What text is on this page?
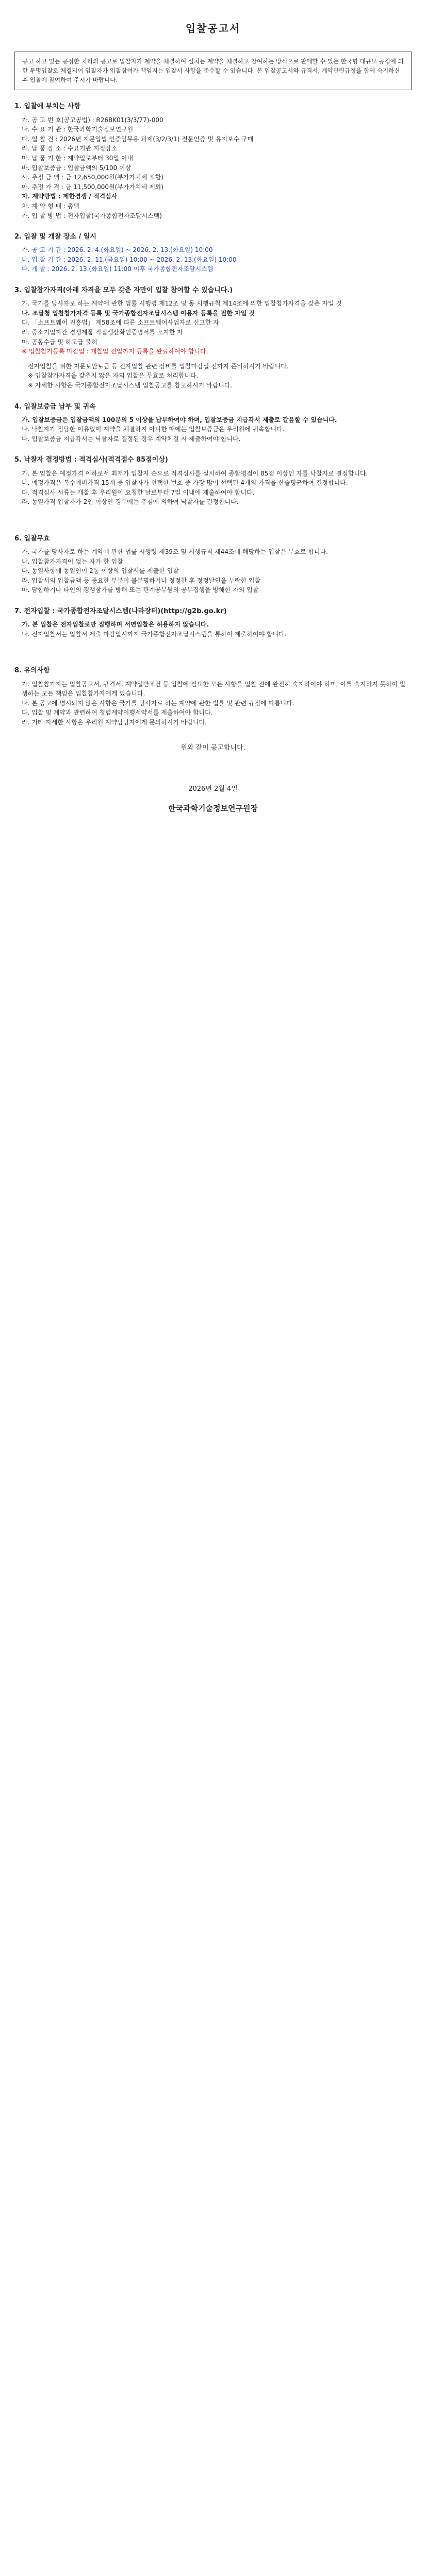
입찰공고서
공고 하고 있는 공정한 처리의 공고로 입찰자가 계약을 체결하여 설치는 계약을 체결하고 참여하는 방식으로 판매할 수 있는 한국형 대규모 공정에 의한 투명입찰로 체결되어 입찰자가 입찰참여가 책임지는 입찰서 사항을 준수할 수 있습니다. 본 입찰공고서와 규격서, 계약관련규정을 함께 숙지하신 후 입찰에 참여하여 주시기 바랍니다.
1. 입찰에 부치는 사항
가. 공 고 번 호(공고공법) : R26BK01(3/3/77)-000
나. 수 요 기 관 : 한국과학기술정보연구원
다. 입 찰 건 : 2026년 지문입법 인증임무용 과제(3/2/3/1) 전문인증 및 유지보수 구매
라. 납 품 장 소 : 수요기관 지정장소
마. 납 품 기 한 : 계약일로부터 30일 이내
바. 입찰보증금 : 입찰금액의 5/100 이상
사. 추정 금 액 : 금 12,650,000원(부가가치세 포함)
아. 추정 가 격 : 금 11,500,000원(부가가치세 제외)
자. 계약방법 : 제한경쟁 / 적격심사
차. 계 약 형 태 : 총액
카. 입 찰 방 법 : 전자입찰(국가종합전자조달시스템)
2. 입찰 및 개찰 장소 / 일시
가. 공 고 기 간 : 2026. 2. 4.(화요일) ~ 2026. 2. 13.(화요일) 10:00
나. 입 찰 기 간 : 2026. 2. 11.(금요일) 10:00 ~ 2026. 2. 13.(화요일) 10:00
다. 개 찰 : 2026. 2. 13.(화요일) 11:00 이후 국가종합전자조달시스템
3. 입찰참가자격(아래 자격을 모두 갖춘 자만이 입찰 참여할 수 있습니다.)
가. 국가를 당사자로 하는 계약에 관한 법률 시행령 제12조 및 동 시행규칙 제14조에 의한 입찰참가자격을 갖춘 자일 것
나. 조달청 입찰참가자격 등록 및 국가종합전자조달시스템 이용자 등록을 필한 자일 것
다. 「소프트웨어 진흥법」 제58조에 따른 소프트웨어사업자로 신고한 자
라. 중소기업자간 경쟁제품 직접생산확인증명서를 소지한 자
마. 공동수급 및 하도급 불허
※ 입찰참가등록 마감일 : 개찰일 전일까지 등록을 완료하여야 합니다.
전자입찰을 위한 지문보안토큰 등 전자입찰 관련 장비를 입찰마감일 전까지 준비하시기 바랍니다.
※ 입찰참가자격을 갖추지 않은 자의 입찰은 무효로 처리합니다.
※ 자세한 사항은 국가종합전자조달시스템 입찰공고를 참고하시기 바랍니다.
4. 입찰보증금 납부 및 귀속
가. 입찰보증금은 입찰금액의 100분의 5 이상을 납부하여야 하며, 입찰보증금 지급각서 제출로 갈음할 수 있습니다.
나. 낙찰자가 정당한 이유없이 계약을 체결하지 아니한 때에는 입찰보증금은 우리원에 귀속합니다.
다. 입찰보증금 지급각서는 낙찰자로 결정된 경우 계약체결 시 제출하여야 합니다.
5. 낙찰자 결정방법 : 적격심사(적격점수 85점이상)
가. 본 입찰은 예정가격 이하로서 최저가 입찰자 순으로 적격심사를 실시하여 종합평점이 85점 이상인 자를 낙찰자로 결정합니다.
나. 예정가격은 복수예비가격 15개 중 입찰자가 선택한 번호 중 가장 많이 선택된 4개의 가격을 산술평균하여 결정합니다.
다. 적격심사 서류는 개찰 후 우리원이 요청한 날로부터 7일 이내에 제출하여야 합니다.
라. 동일가격 입찰자가 2인 이상인 경우에는 추첨에 의하여 낙찰자를 결정합니다.
6. 입찰무효
가. 국가를 당사자로 하는 계약에 관한 법률 시행령 제39조 및 시행규칙 제44조에 해당하는 입찰은 무효로 합니다.
나. 입찰참가자격이 없는 자가 한 입찰
다. 동일사항에 동일인이 2통 이상의 입찰서를 제출한 입찰
라. 입찰서의 입찰금액 등 중요한 부분이 불분명하거나 정정한 후 정정날인을 누락한 입찰
마. 담합하거나 타인의 경쟁참가를 방해 또는 관계공무원의 공무집행을 방해한 자의 입찰
7. 전자입찰 : 국가종합전자조달시스템(나라장터)(http://g2b.go.kr)
가. 본 입찰은 전자입찰로만 집행하며 서면입찰은 허용하지 않습니다.
나. 전자입찰서는 입찰서 제출 마감일시까지 국가종합전자조달시스템을 통하여 제출하여야 합니다.
8. 유의사항
가. 입찰참가자는 입찰공고서, 규격서, 계약일반조건 등 입찰에 필요한 모든 사항을 입찰 전에 완전히 숙지하여야 하며, 이를 숙지하지 못하여 발생하는 모든 책임은 입찰참가자에게 있습니다.
나. 본 공고에 명시되지 않은 사항은 국가를 당사자로 하는 계약에 관한 법률 및 관련 규정에 따릅니다.
다. 입찰 및 계약과 관련하여 청렴계약이행서약서를 제출하여야 합니다.
라. 기타 자세한 사항은 우리원 계약담당자에게 문의하시기 바랍니다.
위와 같이 공고합니다.
2026년 2월 4일
한국과학기술정보연구원장
